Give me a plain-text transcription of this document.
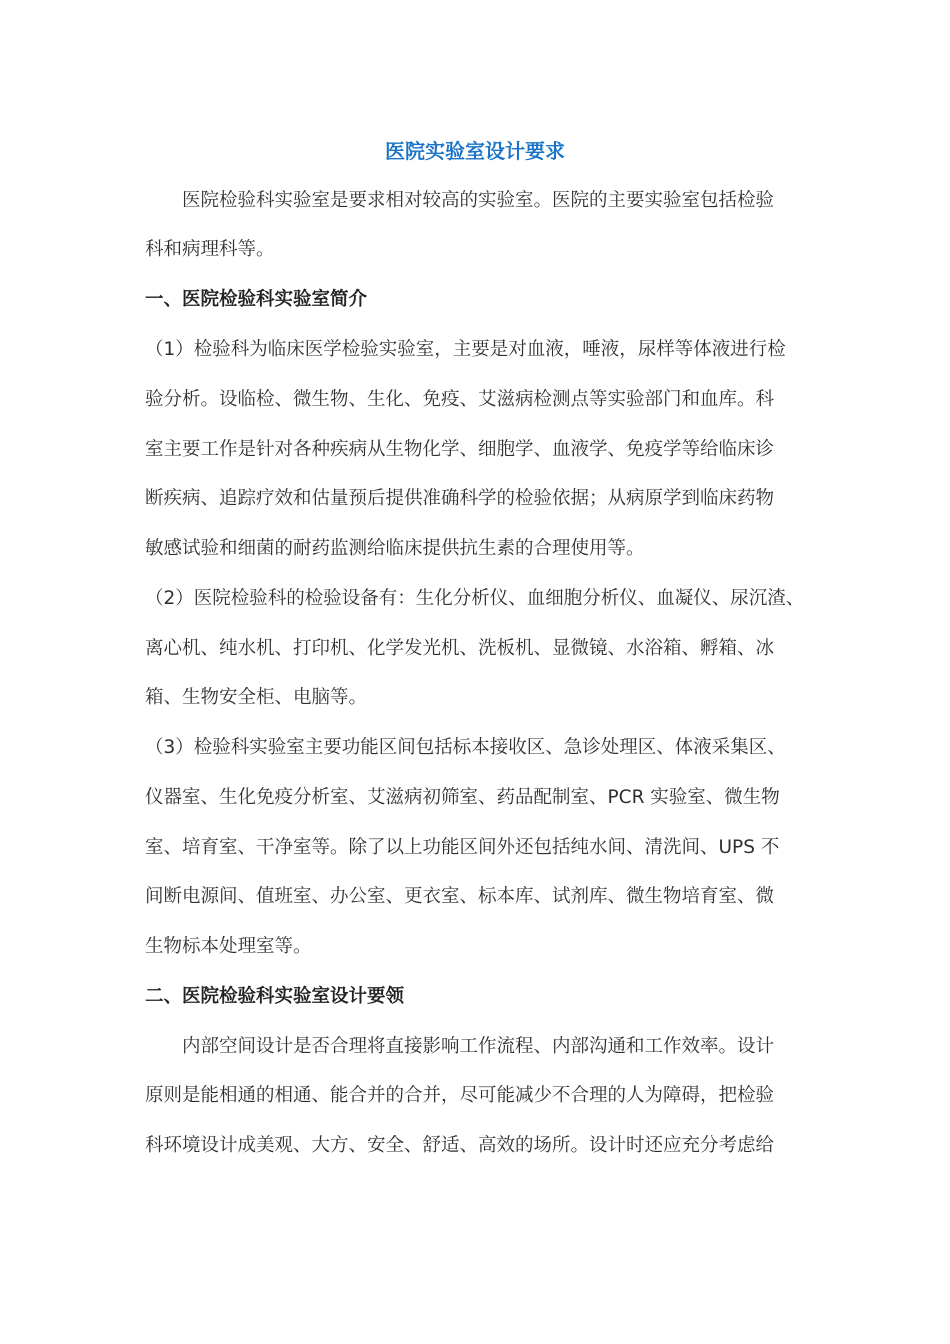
医院实验室设计要求
　　医院检验科实验室是要求相对较高的实验室。医院的主要实验室包括检验
科和病理科等。
一、医院检验科实验室简介
（1）检验科为临床医学检验实验室，主要是对血液，唾液，尿样等体液进行检
验分析。设临检、微生物、生化、免疫、艾滋病检测点等实验部门和血库。科
室主要工作是针对各种疾病从生物化学、细胞学、血液学、免疫学等给临床诊
断疾病、追踪疗效和估量预后提供准确科学的检验依据；从病原学到临床药物
敏感试验和细菌的耐药监测给临床提供抗生素的合理使用等。
（2）医院检验科的检验设备有：生化分析仪、血细胞分析仪、血凝仪、尿沉渣、
离心机、纯水机、打印机、化学发光机、洗板机、显微镜、水浴箱、孵箱、冰
箱、生物安全柜、电脑等。
（3）检验科实验室主要功能区间包括标本接收区、急诊处理区、体液采集区、
仪器室、生化免疫分析室、艾滋病初筛室、药品配制室、PCR 实验室、微生物
室、培育室、干净室等。除了以上功能区间外还包括纯水间、清洗间、UPS 不
间断电源间、值班室、办公室、更衣室、标本库、试剂库、微生物培育室、微
生物标本处理室等。
二、医院检验科实验室设计要领
　　内部空间设计是否合理将直接影响工作流程、内部沟通和工作效率。设计
原则是能相通的相通、能合并的合并，尽可能减少不合理的人为障碍，把检验
科环境设计成美观、大方、安全、舒适、高效的场所。设计时还应充分考虑给
